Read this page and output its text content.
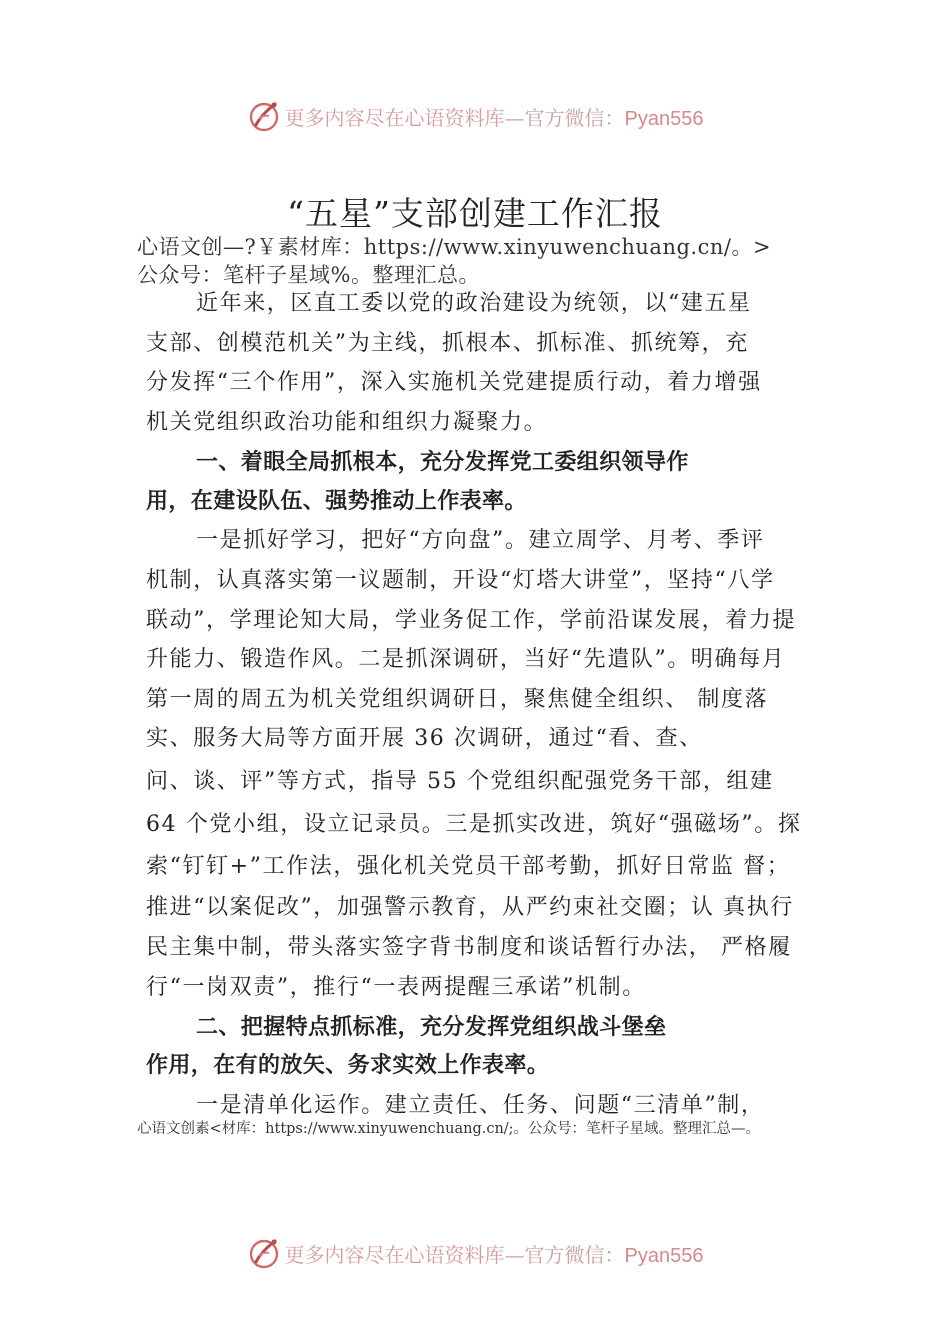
更多内容尽在心语资料库—官方微信：Pyan556
“五星”支部创建工作汇报
心语文创—?￥素材库：https://www.xinyuwenchuang.cn/。>
公众号：笔杆子星域%。整理汇总。
近年来，区直工委以党的政治建设为统领，以“建五星
支部、创模范机关”为主线，抓根本、抓标准、抓统筹，充
分发挥“三个作用”，深入实施机关党建提质行动，着力增强
机关党组织政治功能和组织力凝聚力。
一、着眼全局抓根本，充分发挥党工委组织领导作
用，在建设队伍、强势推动上作表率。
一是抓好学习，把好“方向盘”。建立周学、月考、季评
机制，认真落实第一议题制，开设“灯塔大讲堂”，坚持“八学
联动”，学理论知大局，学业务促工作，学前沿谋发展，着力提
升能力、锻造作风。二是抓深调研，当好“先遣队”。明确每月
第一周的周五为机关党组织调研日，聚焦健全组织、 制度落
实、服务大局等方面开展 36 次调研，通过“看、查、
问、谈、评”等方式，指导 55 个党组织配强党务干部，组建
64 个党小组，设立记录员。三是抓实改进，筑好“强磁场”。探
索“钉钉+”工作法，强化机关党员干部考勤，抓好日常监 督；
推进“以案促改”，加强警示教育，从严约束社交圈；认 真执行
民主集中制，带头落实签字背书制度和谈话暂行办法， 严格履
行“一岗双责”，推行“一表两提醒三承诺”机制。
二、把握特点抓标准，充分发挥党组织战斗堡垒
作用，在有的放矢、务求实效上作表率。
一是清单化运作。建立责任、任务、问题“三清单”制，
心语文创素<材库：https://www.xinyuwenchuang.cn/;。公众号：笔杆子星域。整理汇总—。
更多内容尽在心语资料库—官方微信：Pyan556
